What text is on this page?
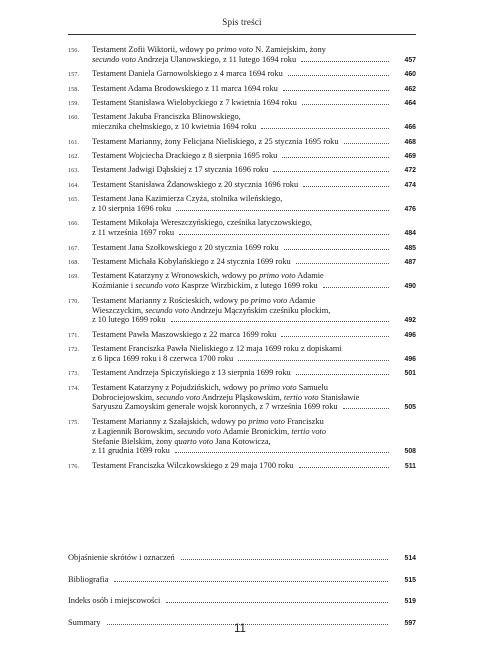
Spis treści
156.	Testament Zofii Wiktorii, wdowy po primo voto N. Zamiejskim, żony
secundo voto Andrzeja Ulanowskiego, z 11 lutego 1694 roku	457
157.	Testament Daniela Garnowolskiego z 4 marca 1694 roku	460
158.	Testament Adama Brodowskiego z 11 marca 1694 roku	462
159.	Testament Stanisława Wielobyckiego z 7 kwietnia 1694 roku	464
160.	Testament Jakuba Franciszka Blinowskiego,
miecznika chełmskiego, z 10 kwietnia 1694 roku	466
161.	Testament Marianny, żony Felicjana Nieliskiego, z 25 stycznia 1695 roku	468
162.	Testament Wojciecha Drackiego z 8 sierpnia 1695 roku	469
163.	Testament Jadwigi Dąbskiej z 17 stycznia 1696 roku	472
164.	Testament Stanisława Żdanowskiego z 20 stycznia 1696 roku	474
165.	Testament Jana Kazimierza Czyża, stolnika wileńskiego,
z 10 sierpnia 1696 roku	476
166.	Testament Mikołaja Wereszczyńskiego, cześnika latyczowskiego,
z 11 września 1697 roku	484
167.	Testament Jana Szołkowskiego z 20 stycznia 1699 roku	485
168.	Testament Michała Kobylańskiego z 24 stycznia 1699 roku	487
169.	Testament Katarzyny z Wronowskich, wdowy po primo voto Adamie
Koźmianie i secundo voto Kasprze Wirzbickim, z lutego 1699 roku	490
170.	Testament Marianny z Rościeskich, wdowy po primo voto Adamie
Wieszczyckim, secundo voto Andrzeju Mączyńskim cześniku płockim,
z 10 lutego 1699 roku	492
171.	Testament Pawła Maszowskiego z 22 marca 1699 roku	496
172.	Testament Franciszka Pawła Nieliskiego z 12 maja 1699 roku z dopiskami
z 6 lipca 1699 roku i 8 czerwca 1700 roku	496
173.	Testament Andrzeja Spiczyńskiego z 13 sierpnia 1699 roku	501
174.	Testament Katarzyny z Pojudzińskich, wdowy po primo voto Samuelu
Dobrociejowskim, secundo voto Andrzeju Pląskowskim, tertio voto Stanisławie
Saryuszu Zamoyskim generale wojsk koronnych, z 7 września 1699 roku	505
175.	Testament Marianny z Szałajskich, wdowy po primo voto Franciszku
z Łagiennik Borowskim, secundo voto Adamie Bronickim, tertio voto
Stefanie Bielskim, żony quarto voto Jana Kotowicza,
z 11 grudnia 1699 roku	508
176.	Testament Franciszka Wilczkowskiego z 29 maja 1700 roku	511
Objaśnienie skrótów i oznaczeń	514
Bibliografia	515
Indeks osób i miejscowości	519
Summary	597
11
